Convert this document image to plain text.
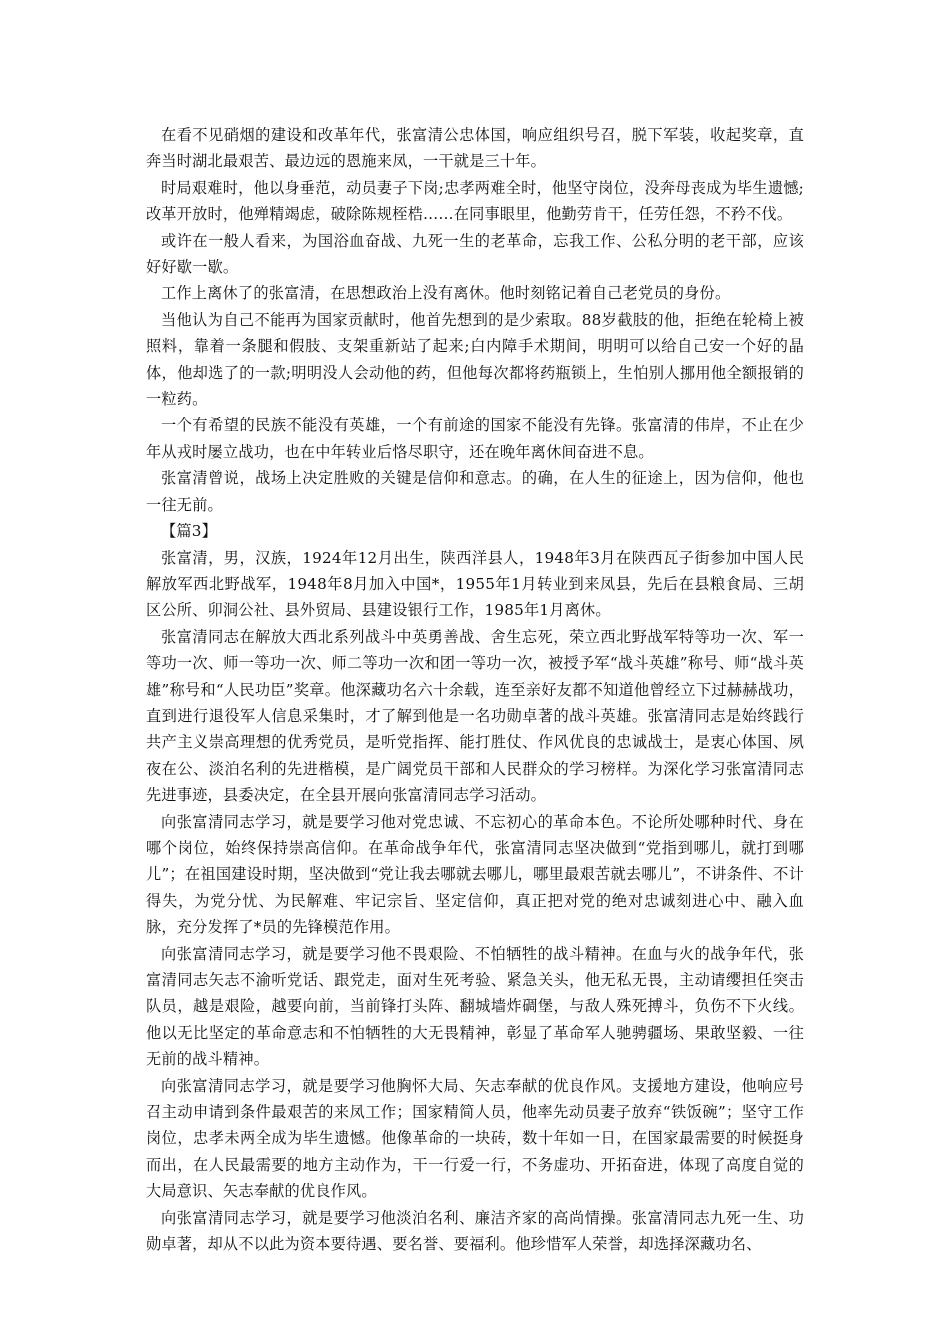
在看不见硝烟的建设和改革年代，张富清公忠体国，响应组织号召，脱下军装，收起奖章，直奔当时湖北最艰苦、最边远的恩施来凤，一干就是三十年。

时局艰难时，他以身垂范，动员妻子下岗;忠孝两难全时，他坚守岗位，没奔母丧成为毕生遗憾;改革开放时，他殚精竭虑，破除陈规桎梏……在同事眼里，他勤劳肯干，任劳任怨，不矜不伐。

或许在一般人看来，为国浴血奋战、九死一生的老革命，忘我工作、公私分明的老干部，应该好好歇一歇。

工作上离休了的张富清，在思想政治上没有离休。他时刻铭记着自己老党员的身份。

当他认为自己不能再为国家贡献时，他首先想到的是少索取。88岁截肢的他，拒绝在轮椅上被照料，靠着一条腿和假肢、支架重新站了起来;白内障手术期间，明明可以给自己安一个好的晶体，他却选了的一款;明明没人会动他的药，但他每次都将药瓶锁上，生怕别人挪用他全额报销的一粒药。

一个有希望的民族不能没有英雄，一个有前途的国家不能没有先锋。张富清的伟岸，不止在少年从戎时屡立战功，也在中年转业后恪尽职守，还在晚年离休间奋进不息。

张富清曾说，战场上决定胜败的关键是信仰和意志。的确，在人生的征途上，因为信仰，他也一往无前。

【篇3】

张富清，男，汉族，1924年12月出生，陕西洋县人，1948年3月在陕西瓦子街参加中国人民解放军西北野战军，1948年8月加入中国*，1955年1月转业到来凤县，先后在县粮食局、三胡区公所、卯洞公社、县外贸局、县建设银行工作，1985年1月离休。

张富清同志在解放大西北系列战斗中英勇善战、舍生忘死，荣立西北野战军特等功一次、军一等功一次、师一等功一次、师二等功一次和团一等功一次，被授予军“战斗英雄”称号、师“战斗英雄”称号和“人民功臣”奖章。他深藏功名六十余载，连至亲好友都不知道他曾经立下过赫赫战功，直到进行退役军人信息采集时，才了解到他是一名功勋卓著的战斗英雄。张富清同志是始终践行共产主义崇高理想的优秀党员，是听党指挥、能打胜仗、作风优良的忠诚战士，是衷心体国、夙夜在公、淡泊名利的先进楷模，是广阔党员干部和人民群众的学习榜样。为深化学习张富清同志先进事迹，县委决定，在全县开展向张富清同志学习活动。

向张富清同志学习，就是要学习他对党忠诚、不忘初心的革命本色。不论所处哪种时代、身在哪个岗位，始终保持崇高信仰。在革命战争年代，张富清同志坚决做到“党指到哪儿，就打到哪儿”；在祖国建设时期，坚决做到“党让我去哪就去哪儿，哪里最艰苦就去哪儿”，不讲条件、不计得失，为党分忧、为民解难、牢记宗旨、坚定信仰，真正把对党的绝对忠诚刻进心中、融入血脉，充分发挥了*员的先锋模范作用。

向张富清同志学习，就是要学习他不畏艰险、不怕牺牲的战斗精神。在血与火的战争年代，张富清同志矢志不渝听党话、跟党走，面对生死考验、紧急关头，他无私无畏，主动请缨担任突击队员，越是艰险，越要向前，当前锋打头阵、翻城墙炸碉堡，与敌人殊死搏斗，负伤不下火线。他以无比坚定的革命意志和不怕牺牲的大无畏精神，彰显了革命军人驰骋疆场、果敢坚毅、一往无前的战斗精神。

向张富清同志学习，就是要学习他胸怀大局、矢志奉献的优良作风。支援地方建设，他响应号召主动申请到条件最艰苦的来凤工作；国家精简人员，他率先动员妻子放弃“铁饭碗”；坚守工作岗位，忠孝未两全成为毕生遗憾。他像革命的一块砖，数十年如一日，在国家最需要的时候挺身而出，在人民最需要的地方主动作为，干一行爱一行，不务虚功、开拓奋进，体现了高度自觉的大局意识、矢志奉献的优良作风。

向张富清同志学习，就是要学习他淡泊名利、廉洁齐家的高尚情操。张富清同志九死一生、功勋卓著，却从不以此为资本要待遇、要名誉、要福利。他珍惜军人荣誉，却选择深藏功名、
